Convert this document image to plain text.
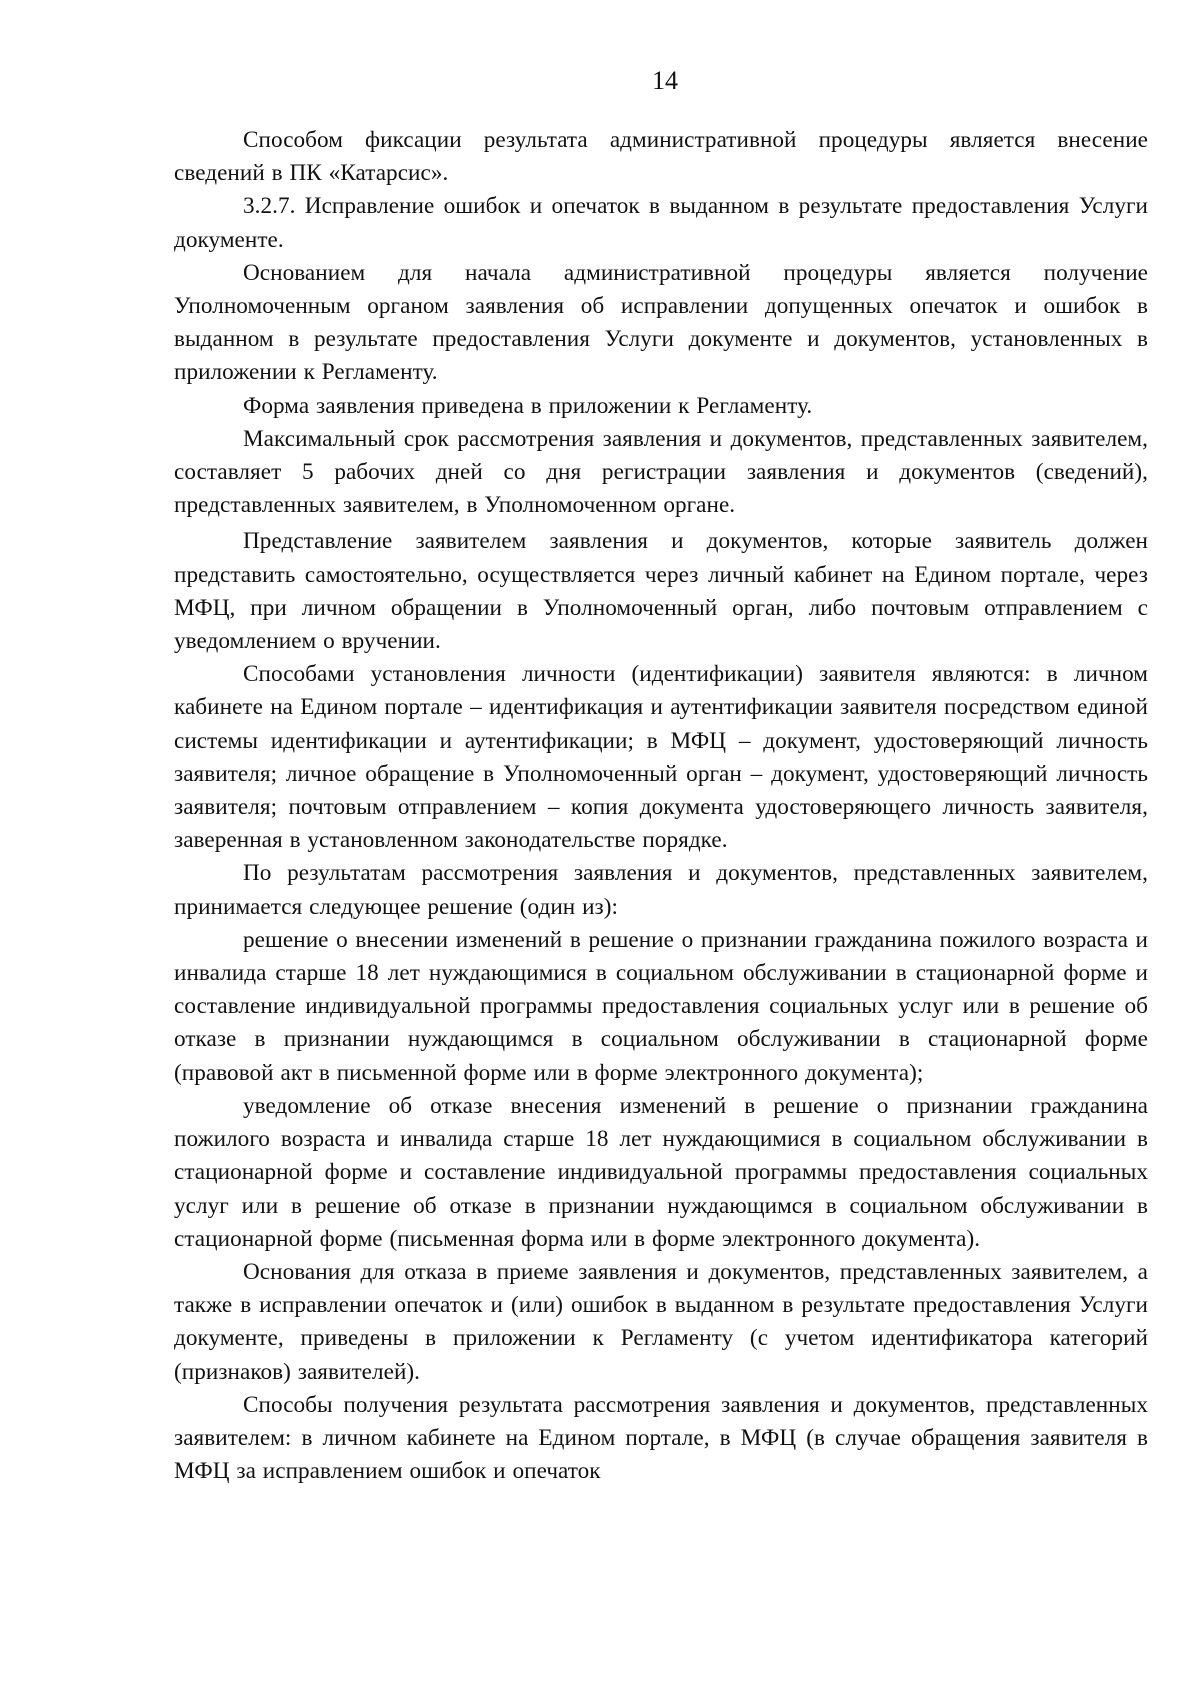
14

Способом фиксации результата административной процедуры является внесение сведений в ПК «Катарсис».

3.2.7. Исправление ошибок и опечаток в выданном в результате предоставления Услуги документе.

Основанием для начала административной процедуры является получение Уполномоченным органом заявления об исправлении допущенных опечаток и ошибок в выданном в результате предоставления Услуги документе и документов, установленных в приложении к Регламенту.

Форма заявления приведена в приложении к Регламенту.

Максимальный срок рассмотрения заявления и документов, представленных заявителем, составляет 5 рабочих дней со дня регистрации заявления и документов (сведений), представленных заявителем, в Уполномоченном органе.

Представление заявителем заявления и документов, которые заявитель должен представить самостоятельно, осуществляется через личный кабинет на Едином портале, через МФЦ, при личном обращении в Уполномоченный орган, либо почтовым отправлением с уведомлением о вручении.

Способами установления личности (идентификации) заявителя являются: в личном кабинете на Едином портале – идентификация и аутентификации заявителя посредством единой системы идентификации и аутентификации; в МФЦ – документ, удостоверяющий личность заявителя; личное обращение в Уполномоченный орган – документ, удостоверяющий личность заявителя; почтовым отправлением – копия документа удостоверяющего личность заявителя, заверенная в установленном законодательстве порядке.

По результатам рассмотрения заявления и документов, представленных заявителем, принимается следующее решение (один из):

решение о внесении изменений в решение о признании гражданина пожилого возраста и инвалида старше 18 лет нуждающимися в социальном обслуживании в стационарной форме и составление индивидуальной программы предоставления социальных услуг или в решение об отказе в признании нуждающимся в социальном обслуживании в стационарной форме (правовой акт в письменной форме или в форме электронного документа);

уведомление об отказе внесения изменений в решение о признании гражданина пожилого возраста и инвалида старше 18 лет нуждающимися в социальном обслуживании в стационарной форме и составление индивидуальной программы предоставления социальных услуг или в решение об отказе в признании нуждающимся в социальном обслуживании в стационарной форме (письменная форма или в форме электронного документа).

Основания для отказа в приеме заявления и документов, представленных заявителем, а также в исправлении опечаток и (или) ошибок в выданном в результате предоставления Услуги документе, приведены в приложении к Регламенту (с учетом идентификатора категорий (признаков) заявителей).

Способы получения результата рассмотрения заявления и документов, представленных заявителем: в личном кабинете на Едином портале, в МФЦ (в случае обращения заявителя в МФЦ за исправлением ошибок и опечаток
